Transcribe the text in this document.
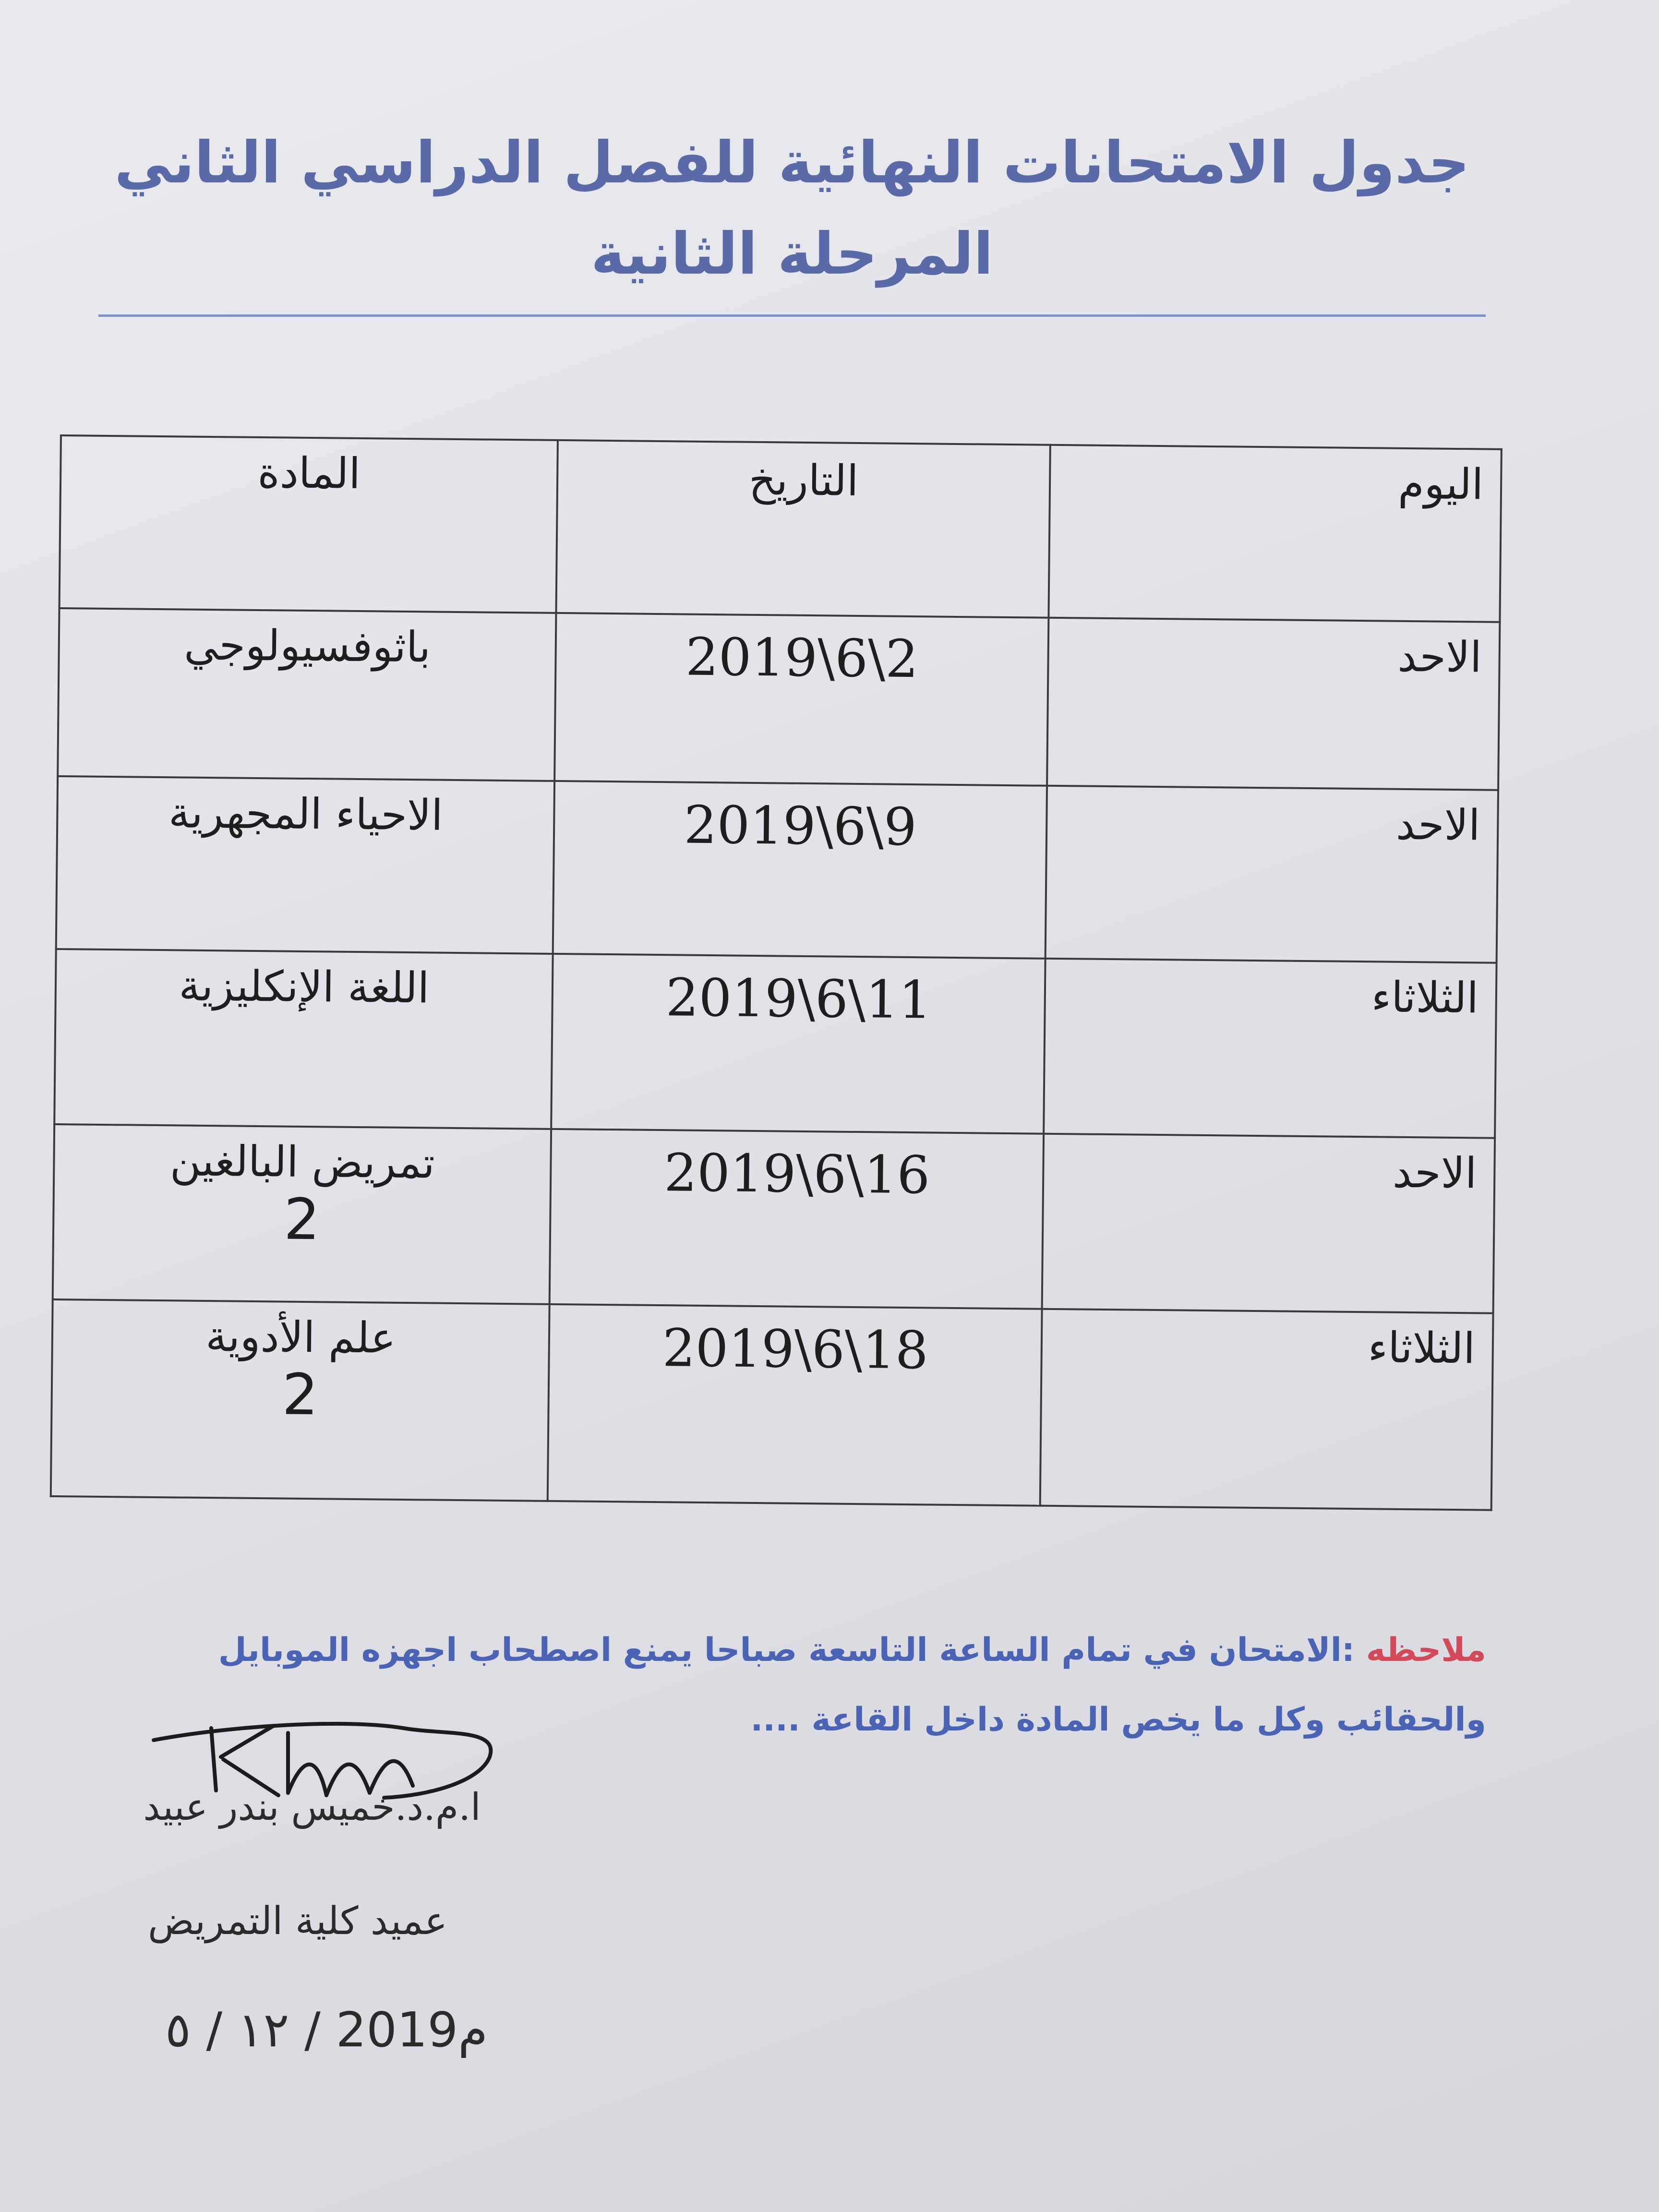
جدول الامتحانات النهائية للفصل الدراسي الثاني
المرحلة الثانية
اليوم	التاريخ	المادة
الاحد	2019\6\2	باثوفسيولوجي
الاحد	2019\6\9	الاحياء المجهرية
الثلاثاء	2019\6\11	اللغة الإنكليزية
الاحد	2019\6\16	تمريض البالغين
2

الثلاثاء	2019\6\18	علم الأدوية
2
ملاحظه :الامتحان في تمام الساعة التاسعة صباحا يمنع اصطحاب اجهزه الموبايل والحقائب وكل ما يخص المادة داخل القاعة ....
ا.م.د.خميس بندر عبيد
عميد كلية التمريض
١٢ / ٥ / 2019م
